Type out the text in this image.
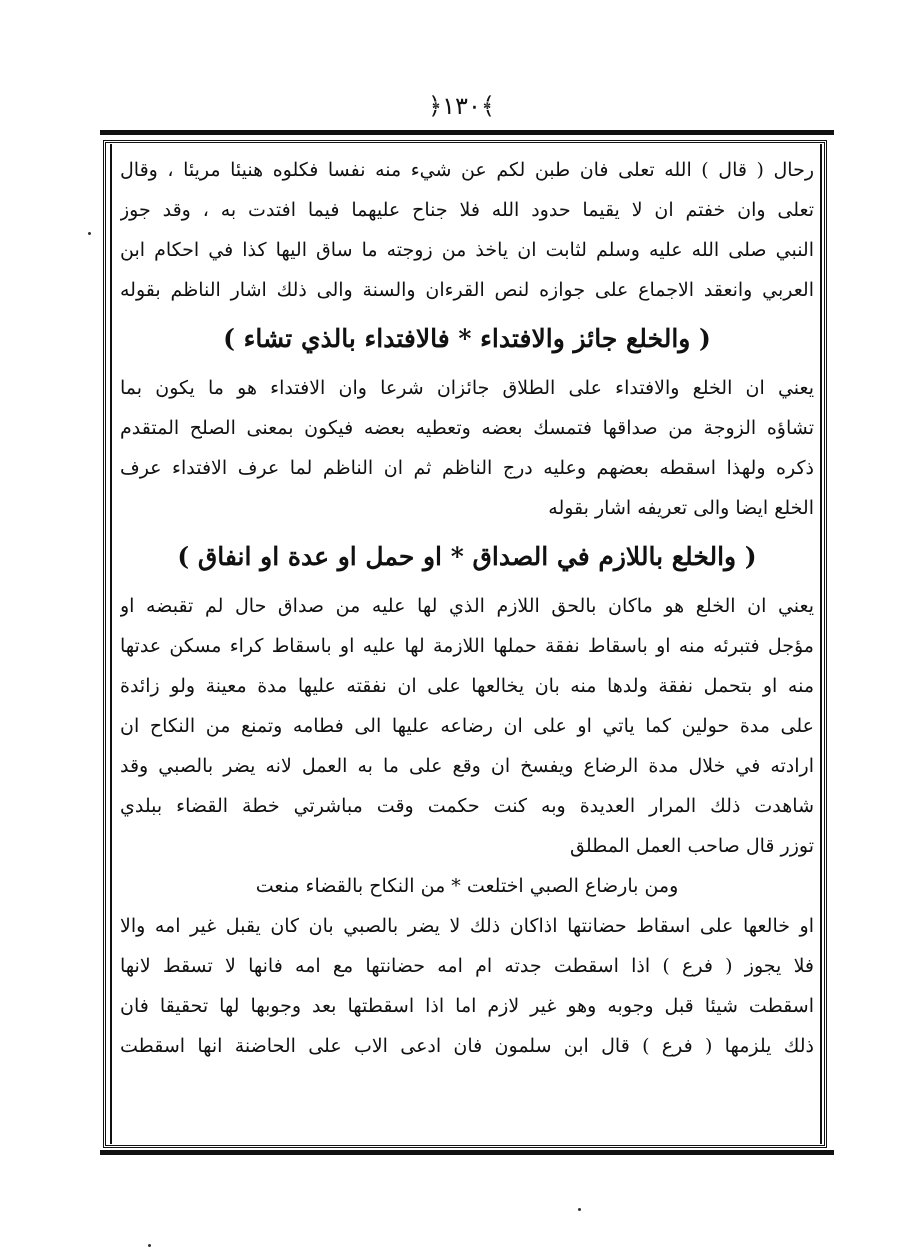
﴿١٣٠﴾
رحال ( قال ) الله تعلى فان طبن لكم عن شيء منه نفسا فكلوه هنيئا مريئا ، وقال
تعلى وان خفتم ان لا يقيما حدود الله فلا جناح عليهما فيما افتدت به ، وقد جوز
النبي صلى الله عليه وسلم لثابت ان ياخذ من زوجته ما ساق اليها كذا في احكام ابن
العربي وانعقد الاجماع على جوازه لنص القرءان والسنة والى ذلك اشار الناظم بقوله
( والخلع جائز والافتداء * فالافتداء بالذي تشاء )
يعني ان الخلع والافتداء على الطلاق جائزان شرعا وان الافتداء هو ما يكون بما
تشاؤه الزوجة من صداقها فتمسك بعضه وتعطيه بعضه فيكون بمعنى الصلح المتقدم
ذكره ولهذا اسقطه بعضهم وعليه درج الناظم ثم ان الناظم لما عرف الافتداء عرف
الخلع ايضا والى تعريفه اشار بقوله
( والخلع باللازم في الصداق * او حمل او عدة او انفاق )
يعني ان الخلع هو ماكان بالحق اللازم الذي لها عليه من صداق حال لم تقبضه او
مؤجل فتبرئه منه او باسقاط نفقة حملها اللازمة لها عليه او باسقاط كراء مسكن عدتها
منه او بتحمل نفقة ولدها منه بان يخالعها على ان نفقته عليها مدة معينة ولو زائدة
على مدة حولين كما ياتي او على ان رضاعه عليها الى فطامه وتمنع من النكاح ان
ارادته في خلال مدة الرضاع ويفسخ ان وقع على ما به العمل لانه يضر بالصبي وقد
شاهدت ذلك المرار العديدة وبه كنت حكمت وقت مباشرتي خطة القضاء ببلدي
توزر قال صاحب العمل المطلق
ومن بارضاع الصبي اختلعت * من النكاح بالقضاء منعت
او خالعها على اسقاط حضانتها اذاكان ذلك لا يضر بالصبي بان كان يقبل غير امه والا
فلا يجوز ( فرع ) اذا اسقطت جدته ام امه حضانتها مع امه فانها لا تسقط لانها
اسقطت شيئا قبل وجوبه وهو غير لازم اما اذا اسقطتها بعد وجوبها لها تحقيقا فان
ذلك يلزمها ( فرع ) قال ابن سلمون فان ادعى الاب على الحاضنة انها اسقطت
